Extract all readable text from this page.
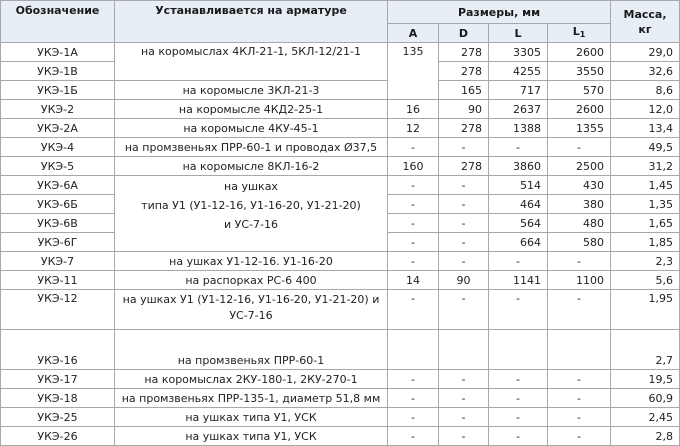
Обозначение	Устанавливается на арматуре	Размеры, мм				Масса,
кг
		A	D	L	$L_1$
УКЭ-1А	на коромыслах 4КЛ-21-1, 5КЛ-12/21-1	135	278	3305	2600	29,0
УКЭ-1В			278	4255	3550	32,6
УКЭ-1Б	на коромысле 3КЛ-21-3		165	717	570	8,6
УКЭ-2	на коромысле 4КД2-25-1	16	90	2637	2600	12,0
УКЭ-2А	на коромысле 4КУ-45-1	12	278	1388	1355	13,4
УКЭ-4	на промзвеньях ПРР-60-1 и проводах Ø37,5	-	-	-	-	49,5
УКЭ-5	на коромысле 8КЛ-16-2	160	278	3860	2500	31,2
УКЭ-6А	на ушках
типа У1 (У1-12-16, У1-16-20, У1-21-20)
и УС-7-16	-	-	514	430	1,45
УКЭ-6Б		-	-	464	380	1,35
УКЭ-6В		-	-	564	480	1,65
УКЭ-6Г		-	-	664	580	1,85
УКЭ-7	на ушках У1-12-16. У1-16-20	-	-	-	-	2,3
УКЭ-11	на распорках РС-6 400	14	90	1141	1100	5,6
УКЭ-12	на ушках У1 (У1-12-16, У1-16-20, У1-21-20) и УС-7-16	-	-	-	-	1,95
УКЭ-16	на промзвеньях ПРР-60-1					2,7
УКЭ-17	на коромыслах 2КУ-180-1, 2КУ-270-1	-	-	-	-	19,5
УКЭ-18	на промзвеньях ПРР-135-1, диаметр 51,8 мм	-	-	-	-	60,9
УКЭ-25	на ушках типа У1, УСК	-	-	-	-	2,45
УКЭ-26	на ушках типа У1, УСК	-	-	-	-	2,8
